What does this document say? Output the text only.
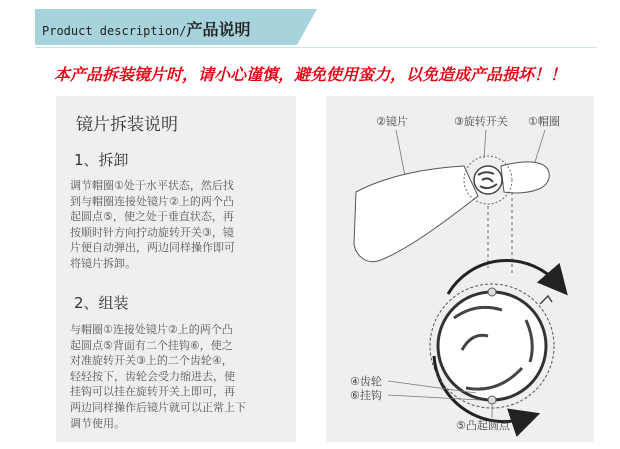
Product description/产品说明
本产品拆装镜片时，请小心谨慎，避免使用蛮力，以免造成产品损坏！！
镜片拆装说明
1、拆卸

调节帽圈①处于水平状态，然后找
到与帽圈连接处镜片②上的两个凸
起圆点⑤，使之处于垂直状态，再
按顺时针方向拧动旋转开关③，镜
片便自动弹出，两边同样操作即可
将镜片拆卸。

2、组装

与帽圈①连接处镜片②上的两个凸
起圆点⑤背面有二个挂钩⑥，使之
对准旋转开关③上的二个齿轮④，
轻轻按下，齿轮会受力缩进去，使
挂钩可以挂在旋转开关上即可，再
两边同样操作后镜片就可以正常上下
调节使用。

②镜片	③旋转开关 ①帽圈
④齿轮
⑥挂钩
⑤凸起圆点
